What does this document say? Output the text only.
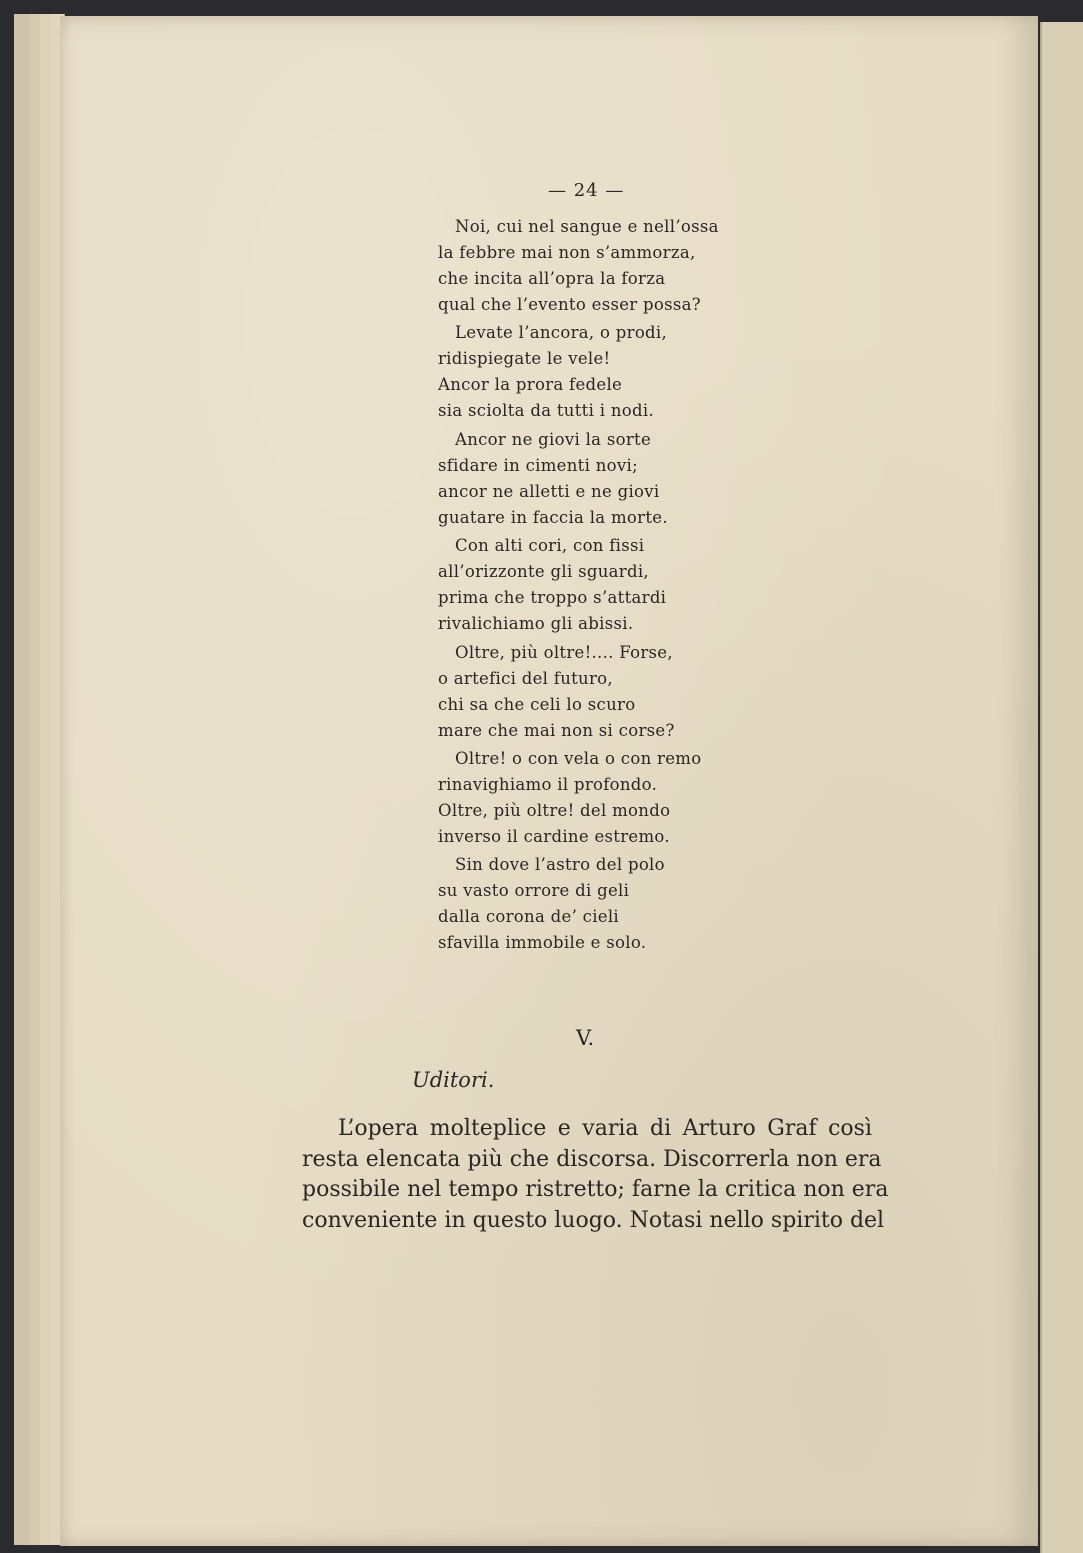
— 24 —
Noi, cui nel sangue e nell’ossa
la febbre mai non s’ammorza,
che incita all’opra la forza
qual che l’evento esser possa?
Levate l’ancora, o prodi,
ridispiegate le vele!
Ancor la prora fedele
sia sciolta da tutti i nodi.
Ancor ne giovi la sorte
sfidare in cimenti novi;
ancor ne alletti e ne giovi
guatare in faccia la morte.
Con alti cori, con fissi
all’orizzonte gli sguardi,
prima che troppo s’attardi
rivalichiamo gli abissi.
Oltre, più oltre!.... Forse,
o artefici del futuro,
chi sa che celi lo scuro
mare che mai non si corse?
Oltre! o con vela o con remo
rinavighiamo il profondo.
Oltre, più oltre! del mondo
inverso il cardine estremo.
Sin dove l’astro del polo
su vasto orrore di geli
dalla corona de’ cieli
sfavilla immobile e solo.
V.
Uditori.
L’opera molteplice e varia di Arturo Graf così
resta elencata più che discorsa. Discorrerla non era
possibile nel tempo ristretto; farne la critica non era
conveniente in questo luogo. Notasi nello spirito del
